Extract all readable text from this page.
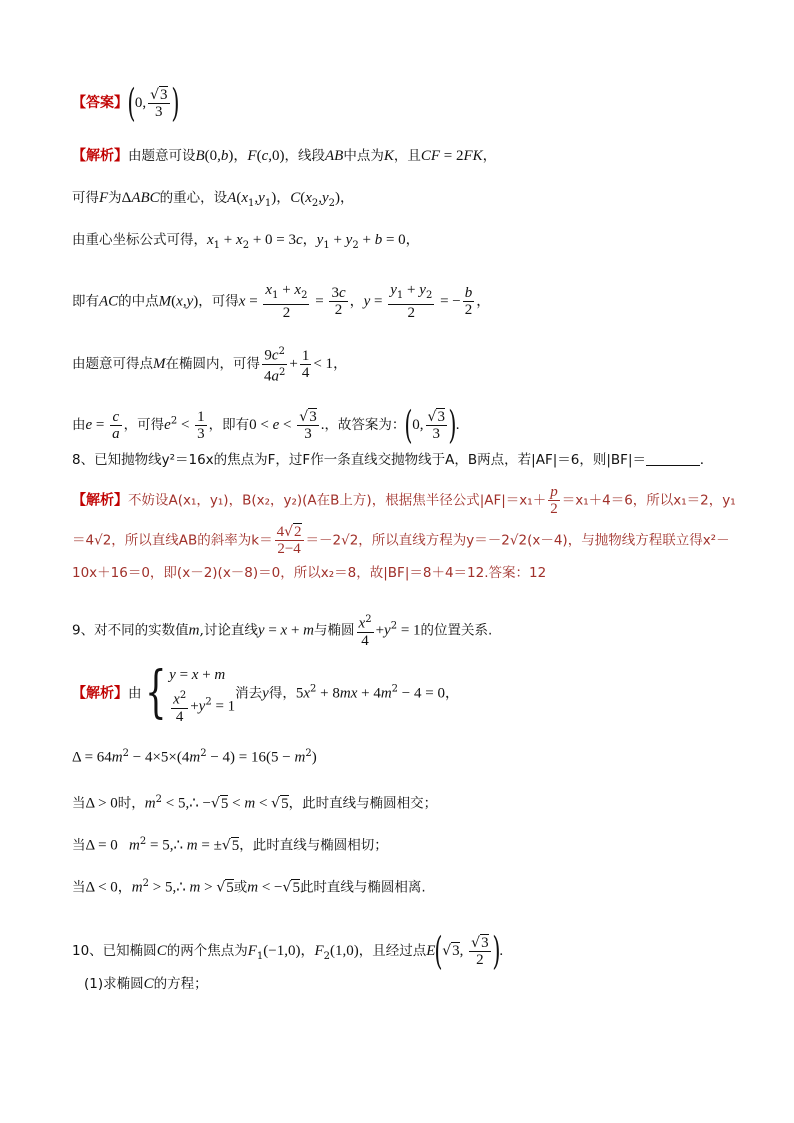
【答案】(0, $\frac{√3}{3}$ )
【解析】由题意可设B(0,b)，F(c,0)，线段AB中点为K，且CF = 2FK，
可得F为ΔABC的重心，设$A(x_1,y_1)$，$C(x_2,y_2)$，
由重心坐标公式可得，$x_1 + x_2 + 0 = 3c$，$y_1 + y_2 + b = 0$，
即有AC的中点M(x,y)，可得$x = \frac{x_1 + x_2}{2} = \frac{3c}{2}$ ，$y = \frac{y_1 + y_2}{2}$ = − $\frac{b}{2}$ ，
由题意可得点M在椭圆内，可得 $\frac{9c^2}{4a^2} + \frac{1}{4} < 1$，
由$e = \frac{c}{a}$ ，可得$e^2 < \frac{1}{3}$ ，即有$0 < e < \frac{√3}{3}$ .，故答案为：(0, $\frac{√3}{3}$ ).
8、已知抛物线y²＝16x的焦点为F，过F作一条直线交抛物线于A，B两点，若|AF|＝6，则|BF|＝	.
【解析】不妨设A(x₁，y₁)，B(x₂，y₂)(A在B上方)，根据焦半径公式$|AF|=x_1+ \frac{p}{2} =x_1+4=6$，所以x₁＝2，y₁
＝4√2，所以直线AB的斜率为$k= \frac{4√2}{2-4} =-2√2$，所以直线方程为y＝－2√2(x－4)，与抛物线方程联立得x²－
10x＋16＝0，即(x－2)(x－8)＝0，所以x₂＝8，故|BF|＝8＋4＝12.答案：12
9、对不同的实数值m,讨论直线y = x + m与椭圆 $\frac{x^2}{4} +y^2 = 1$的位置关系.
【解析】由{ y = x + m
$\frac{x^2}{4} +y^2 = 1$
消去y得，$5x^2 + 8mx + 4m^2 - 4 = 0$，
$\Delta = 64m^2 - 4\times 5\times(4m^2 - 4) = 16(5 - m^2)$
当Δ > 0时，$m^2$ < 5,∴ −√5 < m < √5，此时直线与椭圆相交；
当Δ = 0   $m^2$ = 5,∴ m = ±√5，此时直线与椭圆相切；
当Δ < 0，$m^2$ > 5,∴ m > √5或m < −√5此时直线与椭圆相离.
10、已知椭圆C的两个焦点为$F_1(-1,0)$，$F_2(1,0)$，且经过点E(√3, $\frac{√3}{2}$ ).
(1)求椭圆C的方程；
